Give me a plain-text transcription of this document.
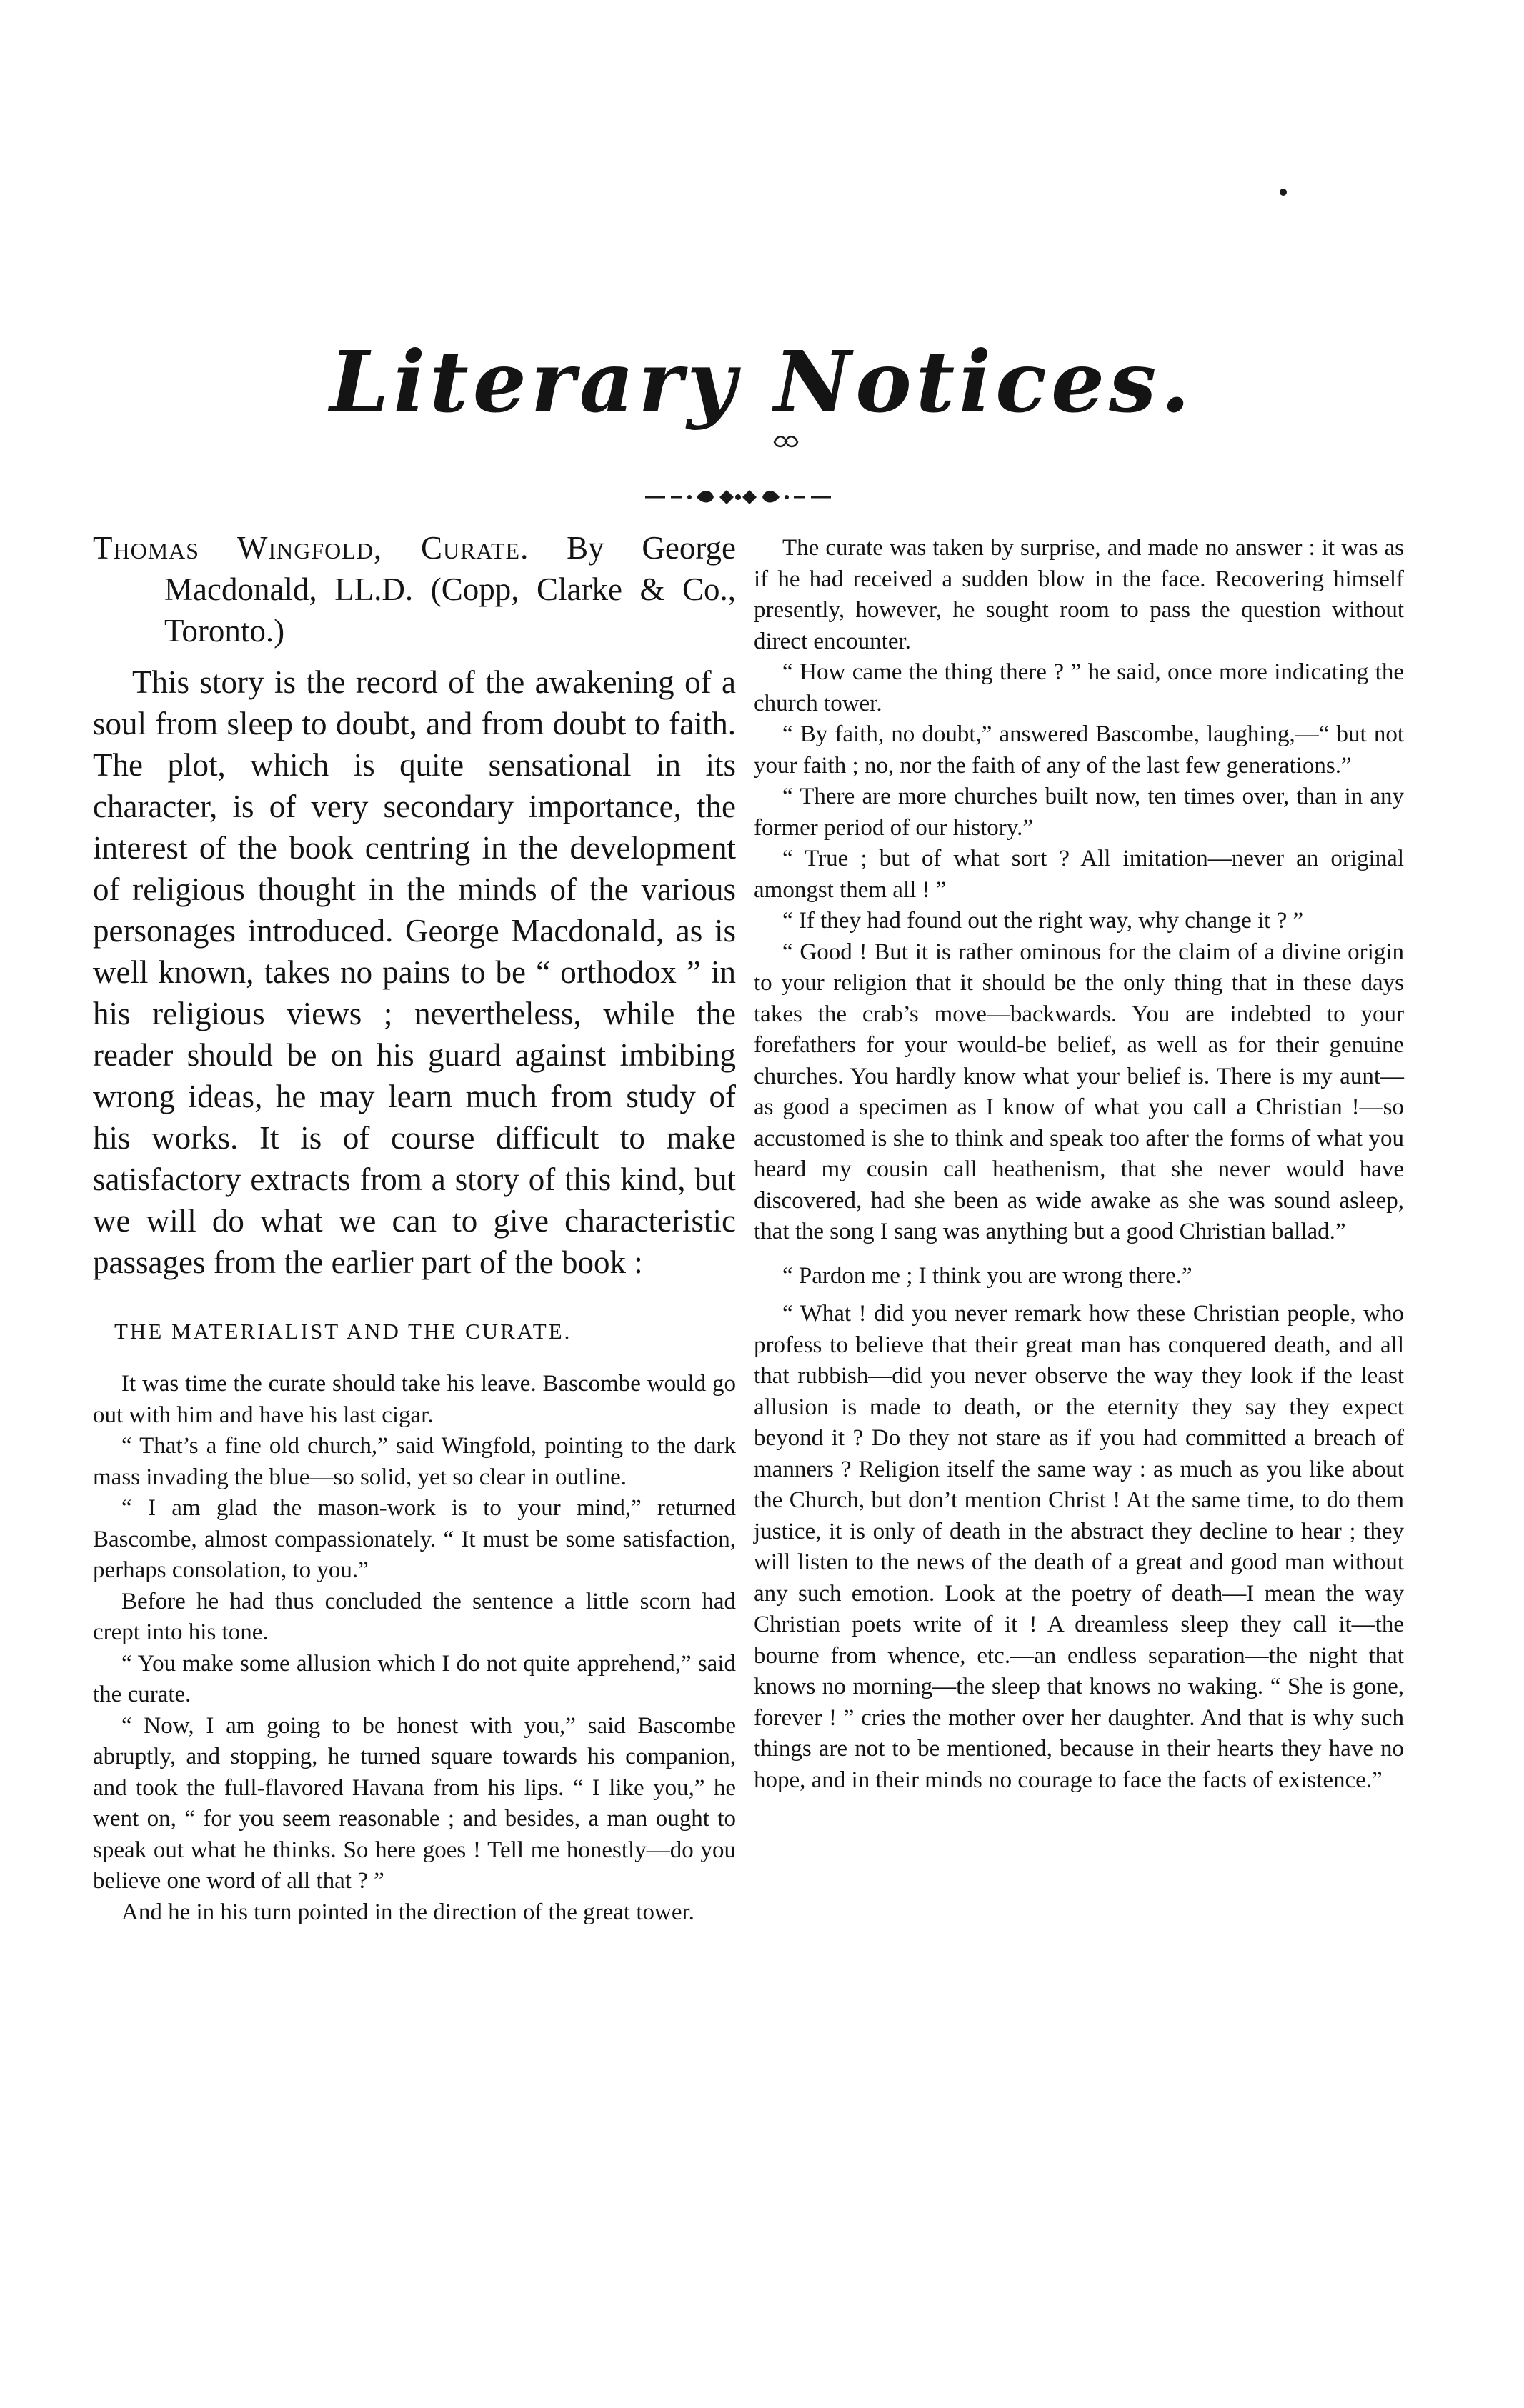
Literary Notices.

Thomas Wingfold, Curate. By George Macdonald, LL.D. (Copp, Clarke & Co., Toronto.)

This story is the record of the awakening of a soul from sleep to doubt, and from doubt to faith. The plot, which is quite sensational in its character, is of very secondary importance, the interest of the book centring in the development of religious thought in the minds of the various personages introduced. George Macdonald, as is well known, takes no pains to be “ orthodox ” in his religious views ; nevertheless, while the reader should be on his guard against imbibing wrong ideas, he may learn much from study of his works. It is of course difficult to make satisfactory extracts from a story of this kind, but we will do what we can to give characteristic passages from the earlier part of the book :

THE MATERIALIST AND THE CURATE.

It was time the curate should take his leave. Bascombe would go out with him and have his last cigar.

“ That’s a fine old church,” said Wingfold, pointing to the dark mass invading the blue—so solid, yet so clear in outline.

“ I am glad the mason-work is to your mind,” returned Bascombe, almost compassionately. “ It must be some satisfaction, perhaps consolation, to you.”

Before he had thus concluded the sentence a little scorn had crept into his tone.

“ You make some allusion which I do not quite apprehend,” said the curate.

“ Now, I am going to be honest with you,” said Bascombe abruptly, and stopping, he turned square towards his companion, and took the full-flavored Havana from his lips. “ I like you,” he went on, “ for you seem reasonable ; and besides, a man ought to speak out what he thinks. So here goes ! Tell me honestly—do you believe one word of all that ? ”

And he in his turn pointed in the direction of the great tower.

The curate was taken by surprise, and made no answer : it was as if he had received a sudden blow in the face. Recovering himself presently, however, he sought room to pass the question without direct encounter.

“ How came the thing there ? ” he said, once more indicating the church tower.

“ By faith, no doubt,” answered Bascombe, laughing,—“ but not your faith ; no, nor the faith of any of the last few generations.”

“ There are more churches built now, ten times over, than in any former period of our history.”

“ True ; but of what sort ? All imitation—never an original amongst them all ! ”

“ If they had found out the right way, why change it ? ”

“ Good ! But it is rather ominous for the claim of a divine origin to your religion that it should be the only thing that in these days takes the crab’s move—backwards. You are indebted to your forefathers for your would-be belief, as well as for their genuine churches. You hardly know what your belief is. There is my aunt—as good a specimen as I know of what you call a Christian !—so accustomed is she to think and speak too after the forms of what you heard my cousin call heathenism, that she never would have discovered, had she been as wide awake as she was sound asleep, that the song I sang was anything but a good Christian ballad.”

“ Pardon me ; I think you are wrong there.”

“ What ! did you never remark how these Christian people, who profess to believe that their great man has conquered death, and all that rubbish—did you never observe the way they look if the least allusion is made to death, or the eternity they say they expect beyond it ? Do they not stare as if you had committed a breach of manners ? Religion itself the same way : as much as you like about the Church, but don’t mention Christ ! At the same time, to do them justice, it is only of death in the abstract they decline to hear ; they will listen to the news of the death of a great and good man without any such emotion. Look at the poetry of death—I mean the way Christian poets write of it ! A dreamless sleep they call it—the bourne from whence, etc.—an endless separation—the night that knows no morning—the sleep that knows no waking. “ She is gone, forever ! ” cries the mother over her daughter. And that is why such things are not to be mentioned, because in their hearts they have no hope, and in their minds no courage to face the facts of existence.”
